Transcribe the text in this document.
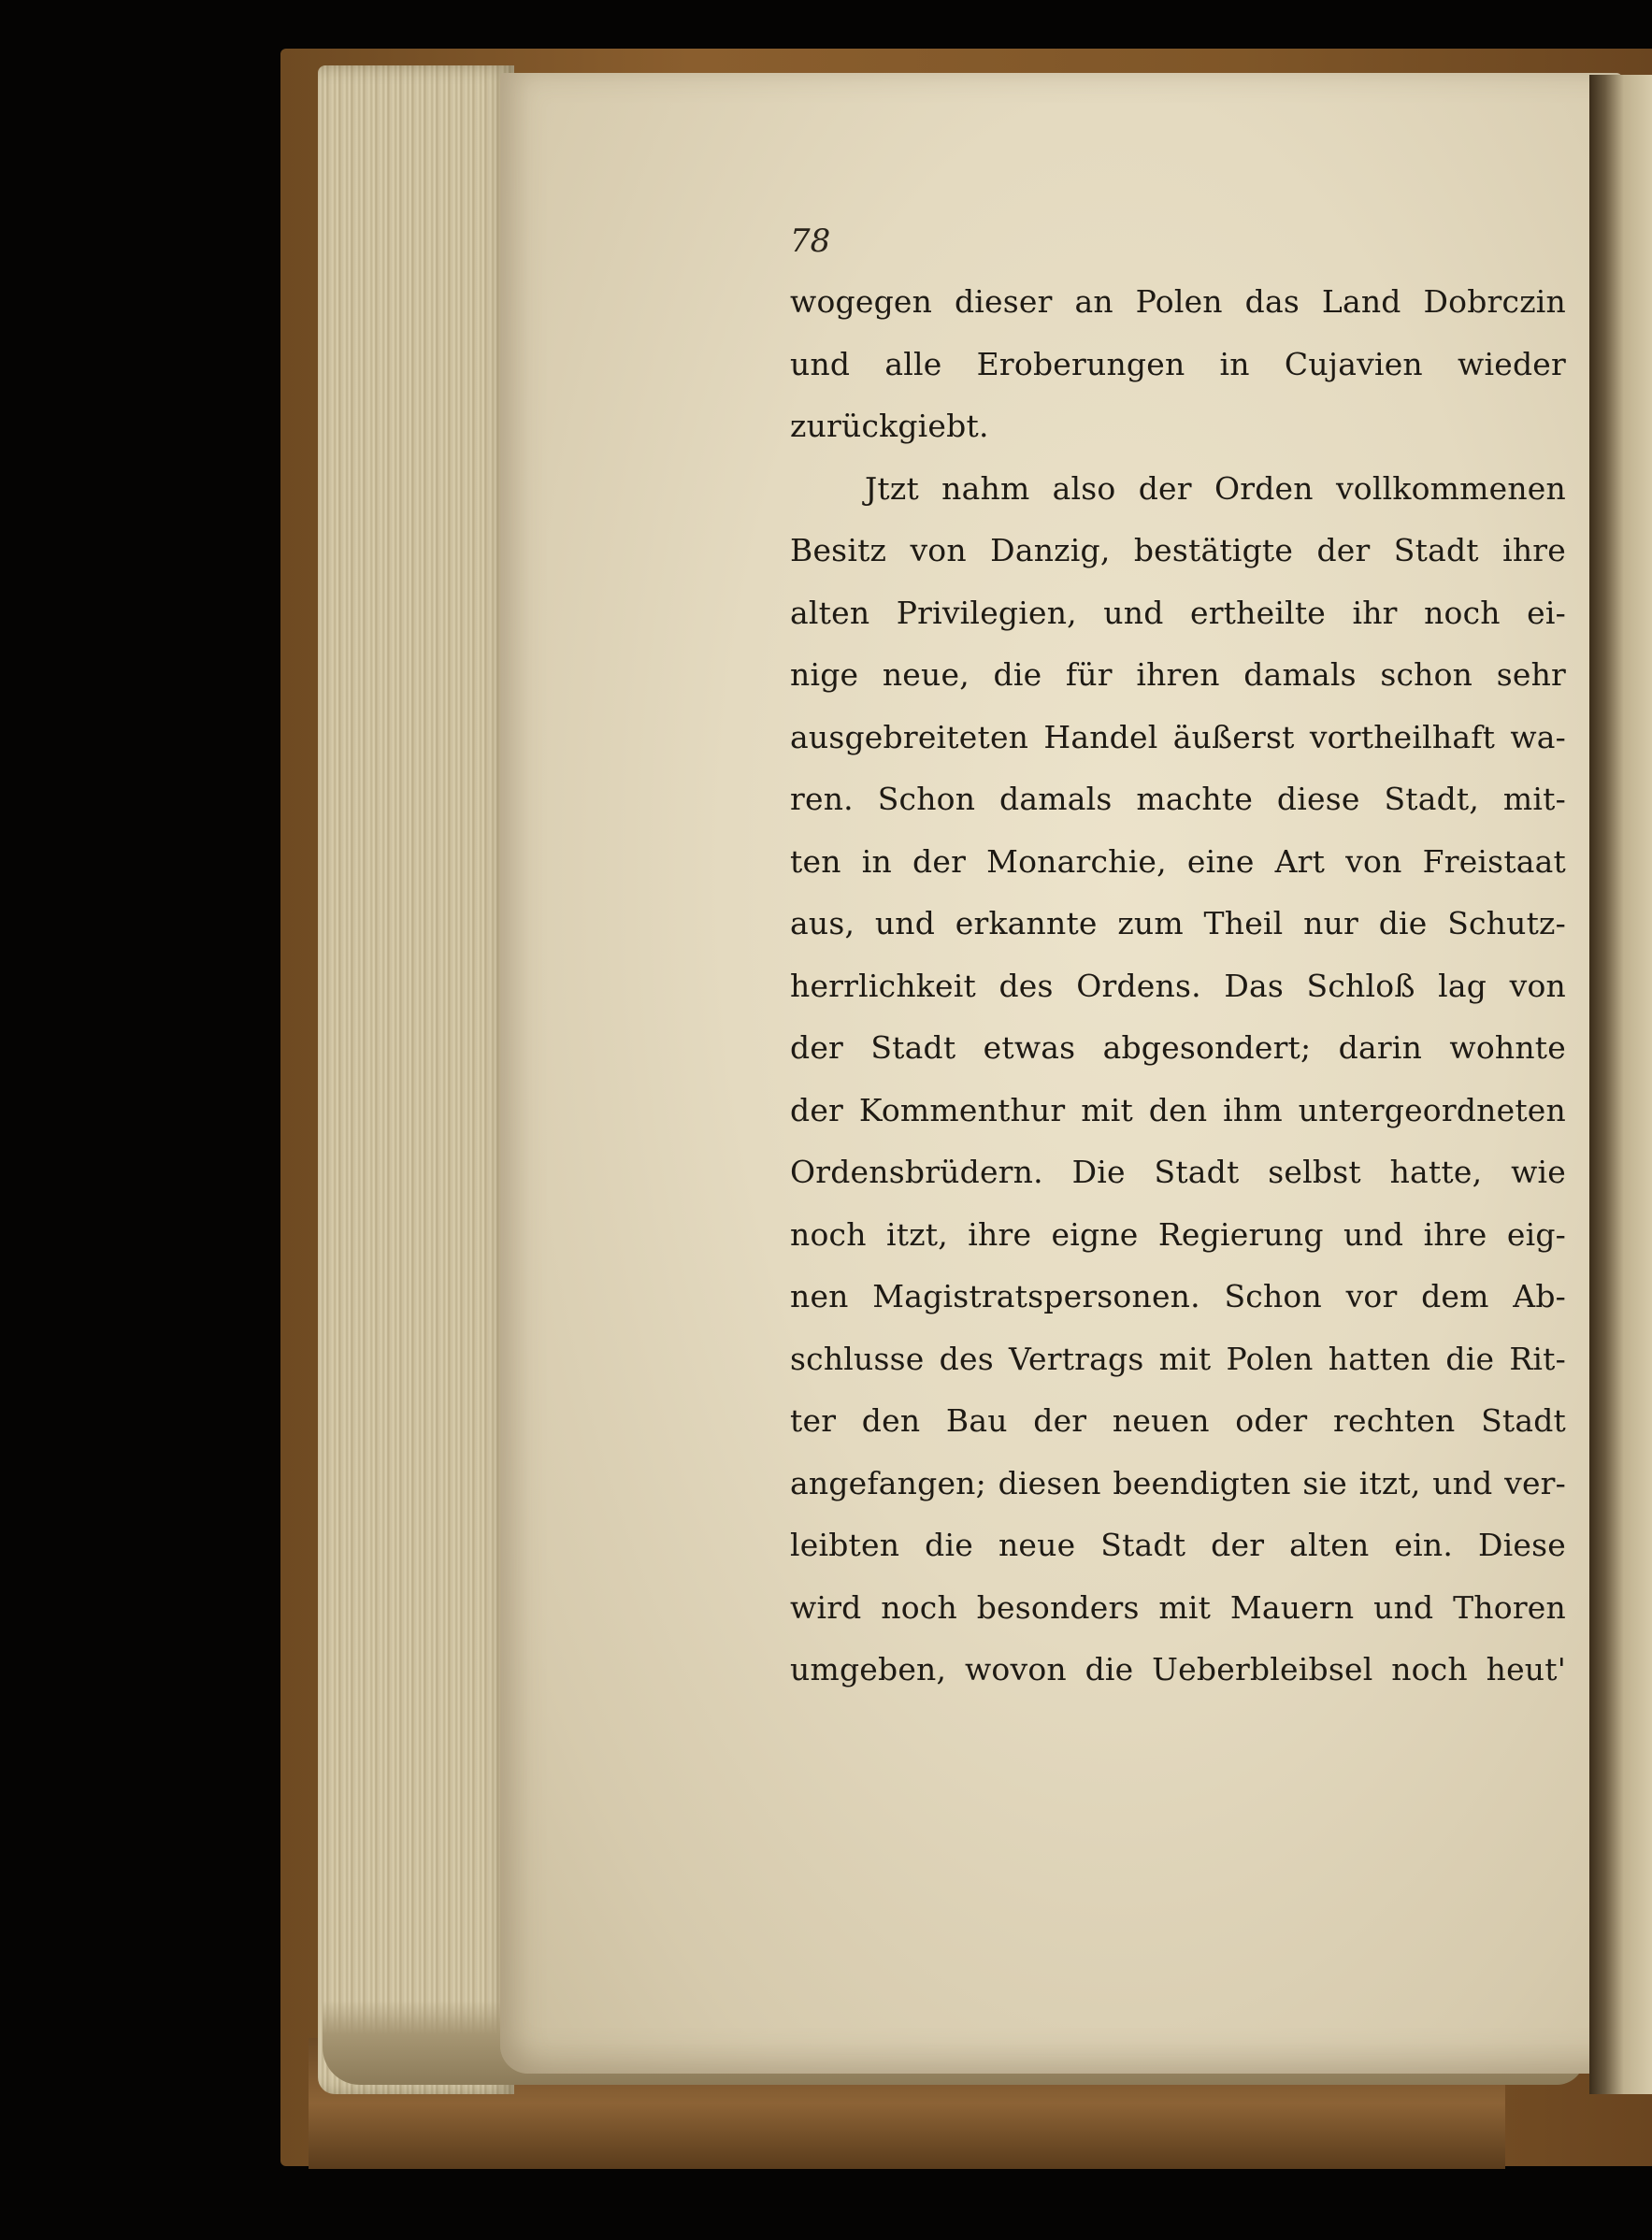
78
wogegen dieser an Polen das Land Dobrczin
und alle Eroberungen in Cujavien wieder
zurückgiebt.
Jtzt nahm also der Orden vollkommenen
Besitz von Danzig, bestätigte der Stadt ihre
alten Privilegien, und ertheilte ihr noch ei-
nige neue, die für ihren damals schon sehr
ausgebreiteten Handel äußerst vortheilhaft wa-
ren. Schon damals machte diese Stadt, mit-
ten in der Monarchie, eine Art von Freistaat
aus, und erkannte zum Theil nur die Schutz-
herrlichkeit des Ordens. Das Schloß lag von
der Stadt etwas abgesondert; darin wohnte
der Kommenthur mit den ihm untergeordneten
Ordensbrüdern. Die Stadt selbst hatte, wie
noch itzt, ihre eigne Regierung und ihre eig-
nen Magistratspersonen. Schon vor dem Ab-
schlusse des Vertrags mit Polen hatten die Rit-
ter den Bau der neuen oder rechten Stadt
angefangen; diesen beendigten sie itzt, und ver-
leibten die neue Stadt der alten ein. Diese
wird noch besonders mit Mauern und Thoren
umgeben, wovon die Ueberbleibsel noch heut'
